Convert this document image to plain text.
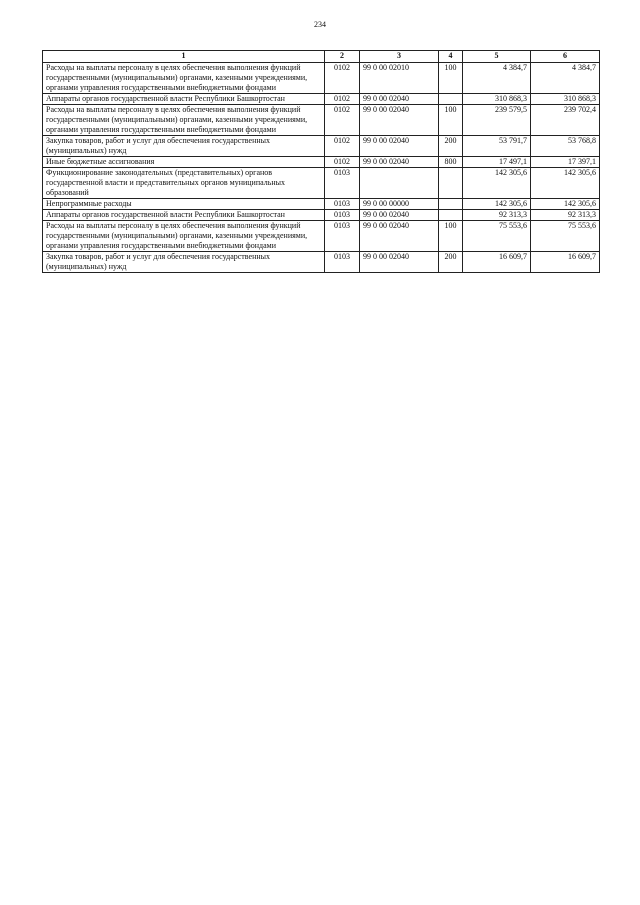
234
1	2	3	4	5	6
Расходы на выплаты персоналу в целях обеспечения выполнения функций государственными (муниципальными) органами, казенными учреждениями, органами управления государственными внебюджетными фондами	0102	99 0 00 02010	100	4 384,7	4 384,7
Аппараты органов государственной власти Республики Башкортостан	0102	99 0 00 02040		310 868,3	310 868,3
Расходы на выплаты персоналу в целях обеспечения выполнения функций государственными (муниципальными) органами, казенными учреждениями, органами управления государственными внебюджетными фондами	0102	99 0 00 02040	100	239 579,5	239 702,4
Закупка товаров, работ и услуг для обеспечения государственных (муниципальных) нужд	0102	99 0 00 02040	200	53 791,7	53 768,8
Иные бюджетные ассигнования	0102	99 0 00 02040	800	17 497,1	17 397,1
Функционирование законодательных (представительных) органов государственной власти и представительных органов муниципальных образований	0103			142 305,6	142 305,6
Непрограммные расходы	0103	99 0 00 00000		142 305,6	142 305,6
Аппараты органов государственной власти Республики Башкортостан	0103	99 0 00 02040		92 313,3	92 313,3
Расходы на выплаты персоналу в целях обеспечения выполнения функций государственными (муниципальными) органами, казенными учреждениями, органами управления государственными внебюджетными фондами	0103	99 0 00 02040	100	75 553,6	75 553,6
Закупка товаров, работ и услуг для обеспечения государственных (муниципальных) нужд	0103	99 0 00 02040	200	16 609,7	16 609,7
